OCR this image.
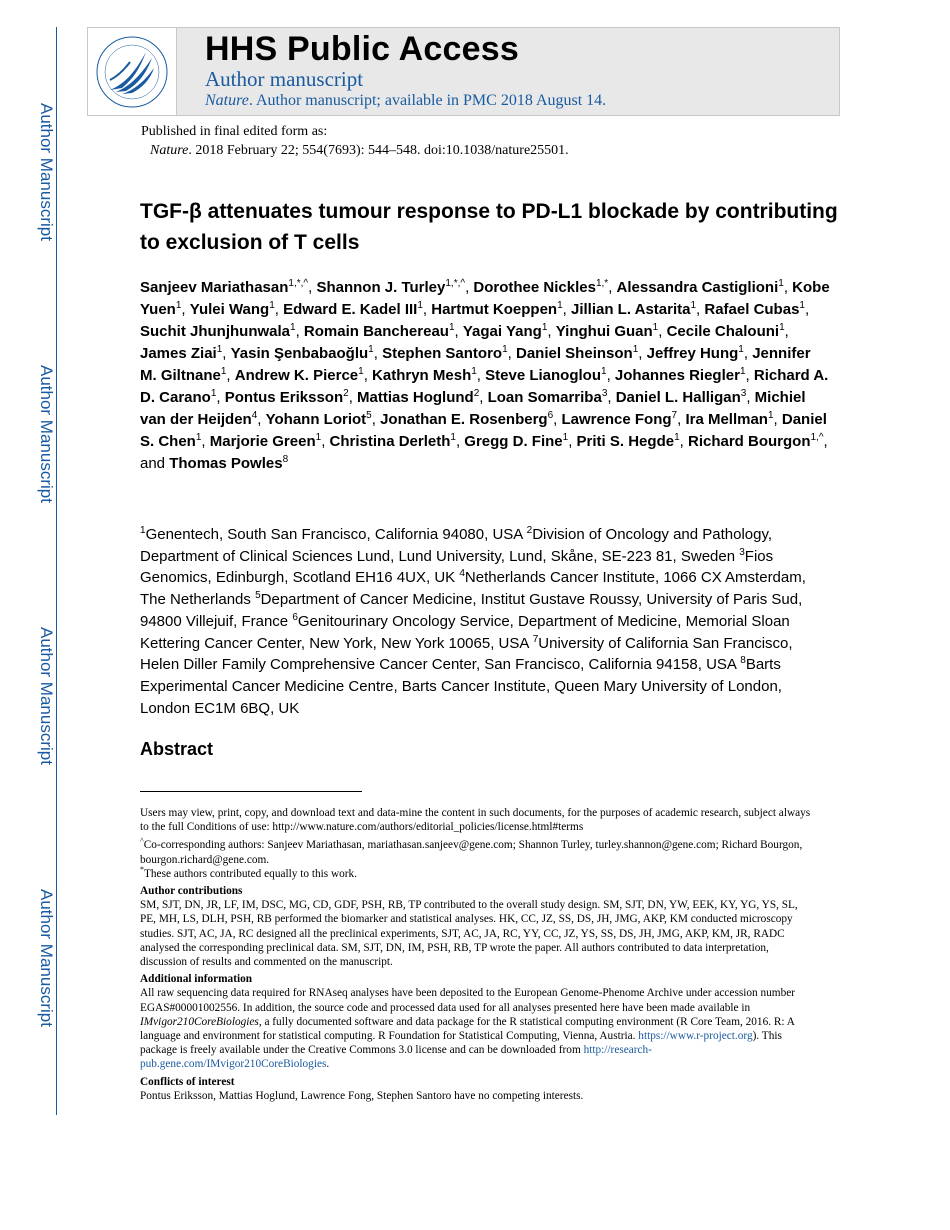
Author Manuscript
Author Manuscript
Author Manuscript
Author Manuscript
HHS Public Access
Author manuscript
Nature. Author manuscript; available in PMC 2018 August 14.
Published in final edited form as:
Nature. 2018 February 22; 554(7693): 544–548. doi:10.1038/nature25501.
TGF-β attenuates tumour response to PD-L1 blockade by contributing to exclusion of T cells
Sanjeev Mariathasan$^{1,*,\^{}}$, Shannon J. Turley$^{1,*,\^{}}$, Dorothee Nickles$^{1,*}$, Alessandra Castiglioni$^1$, Kobe Yuen$^1$, Yulei Wang$^1$, Edward E. Kadel III$^1$, Hartmut Koeppen$^1$, Jillian L. Astarita$^1$, Rafael Cubas$^1$, Suchit Jhunjhunwala$^1$, Romain Banchereau$^1$, Yagai Yang$^1$, Yinghui Guan$^1$, Cecile Chalouni$^1$, James Ziai$^1$, Yasin Şenbabaoğlu$^1$, Stephen Santoro$^1$, Daniel Sheinson$^1$, Jeffrey Hung$^1$, Jennifer M. Giltnane$^1$, Andrew K. Pierce$^1$, Kathryn Mesh$^1$, Steve Lianoglou$^1$, Johannes Riegler$^1$, Richard A. D. Carano$^1$, Pontus Eriksson$^2$, Mattias Hoglund$^2$, Loan Somarriba$^3$, Daniel L. Halligan$^3$, Michiel van der Heijden$^4$, Yohann Loriot$^5$, Jonathan E. Rosenberg$^6$, Lawrence Fong$^7$, Ira Mellman$^1$, Daniel S. Chen$^1$, Marjorie Green$^1$, Christina Derleth$^1$, Gregg D. Fine$^1$, Priti S. Hegde$^1$, Richard Bourgon$^{1,\^{}}$, and Thomas Powles$^8$
$^1$Genentech, South San Francisco, California 94080, USA $^2$Division of Oncology and Pathology, Department of Clinical Sciences Lund, Lund University, Lund, Skåne, SE-223 81, Sweden $^3$Fios Genomics, Edinburgh, Scotland EH16 4UX, UK $^4$Netherlands Cancer Institute, 1066 CX Amsterdam, The Netherlands $^5$Department of Cancer Medicine, Institut Gustave Roussy, University of Paris Sud, 94800 Villejuif, France $^6$Genitourinary Oncology Service, Department of Medicine, Memorial Sloan Kettering Cancer Center, New York, New York 10065, USA $^7$University of California San Francisco, Helen Diller Family Comprehensive Cancer Center, San Francisco, California 94158, USA $^8$Barts Experimental Cancer Medicine Centre, Barts Cancer Institute, Queen Mary University of London, London EC1M 6BQ, UK
Abstract

Users may view, print, copy, and download text and data-mine the content in such documents, for the purposes of academic research, subject always to the full Conditions of use: http://www.nature.com/authors/editorial_policies/license.html#terms

^Co-corresponding authors: Sanjeev Mariathasan, mariathasan.sanjeev@gene.com; Shannon Turley, turley.shannon@gene.com; Richard Bourgon, bourgon.richard@gene.com.

*These authors contributed equally to this work.

Author contributions

SM, SJT, DN, JR, LF, IM, DSC, MG, CD, GDF, PSH, RB, TP contributed to the overall study design. SM, SJT, DN, YW, EEK, KY, YG, YS, SL, PE, MH, LS, DLH, PSH, RB performed the biomarker and statistical analyses. HK, CC, JZ, SS, DS, JH, JMG, AKP, KM conducted microscopy studies. SJT, AC, JA, RC designed all the preclinical experiments, SJT, AC, JA, RC, YY, CC, JZ, YS, SS, DS, JH, JMG, AKP, KM, JR, RADC analysed the corresponding preclinical data. SM, SJT, DN, IM, PSH, RB, TP wrote the paper. All authors contributed to data interpretation, discussion of results and commented on the manuscript.

Additional information

All raw sequencing data required for RNAseq analyses have been deposited to the European Genome-Phenome Archive under accession number EGAS#00001002556. In addition, the source code and processed data used for all analyses presented here have been made available in IMvigor210CoreBiologies, a fully documented software and data package for the R statistical computing environment (R Core Team, 2016. R: A language and environment for statistical computing. R Foundation for Statistical Computing, Vienna, Austria. https://www.r-project.org). This package is freely available under the Creative Commons 3.0 license and can be downloaded from http://research-pub.gene.com/IMvigor210CoreBiologies.

Conflicts of interest

Pontus Eriksson, Mattias Hoglund, Lawrence Fong, Stephen Santoro have no competing interests.
